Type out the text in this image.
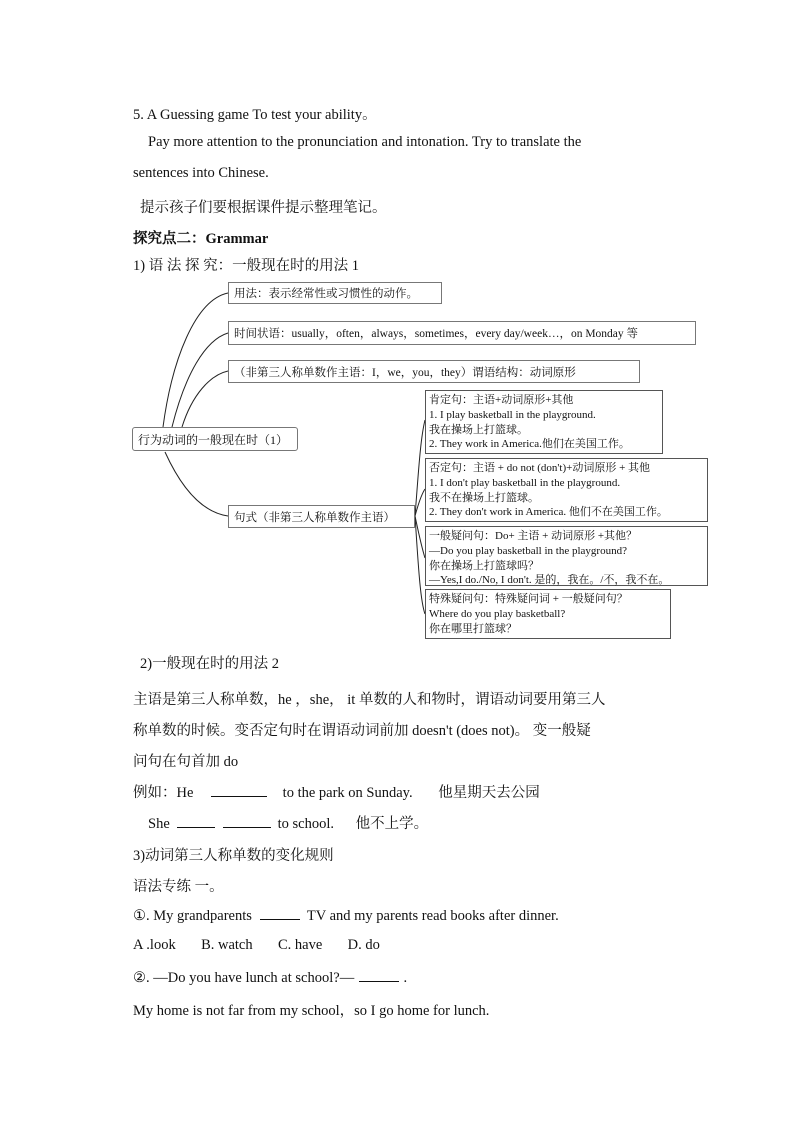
5. A Guessing game To test your ability。
Pay more attention to the pronunciation and intonation. Try to translate the
sentences into Chinese.
提示孩子们要根据课件提示整理笔记。
探究点二：Grammar
1) 语 法 探 究：一般现在时的用法 1
行为动词的一般现在时（1）
用法：表示经常性或习惯性的动作。
时间状语：usually，often，always，sometimes，every day/week…，on Monday 等
（非第三人称单数作主语：I，we，you，they）谓语结构：动词原形
句式（非第三人称单数作主语）
肯定句：主语+动词原形+其他
1. I play basketball in the playground.
我在操场上打篮球。
2. They work in America.他们在美国工作。
否定句：主语 + do not (don't)+动词原形 + 其他
1. I don't play basketball in the playground.
我不在操场上打篮球。
2. They don't work in America. 他们不在美国工作。
一般疑问句：Do+ 主语 + 动词原形 +其他？
—Do you play basketball in the playground?
你在操场上打篮球吗？
—Yes,I do./No, I don't. 是的，我在。/不，我不在。
特殊疑问句：特殊疑问词 + 一般疑问句？
Where do you play basketball?
你在哪里打篮球？
2)一般现在时的用法 2
主语是第三人称单数，he ，she， it 单数的人和物时，谓语动词要用第三人
称单数的时候。变否定句时在谓语动词前加 doesn't (does not)。 变一般疑
问句在句首加 do
例如：He	to the park on Sunday. 他星期天去公园
She	to school. 他不上学。
3)动词第三人称单数的变化规则
语法专练 一。
①. My grandparents	TV and my parents read books after dinner.
A .look       B. watch       C. have       D. do
②. —Do you have lunch at school?—	.
My home is not far from my school，so I go home for lunch.
